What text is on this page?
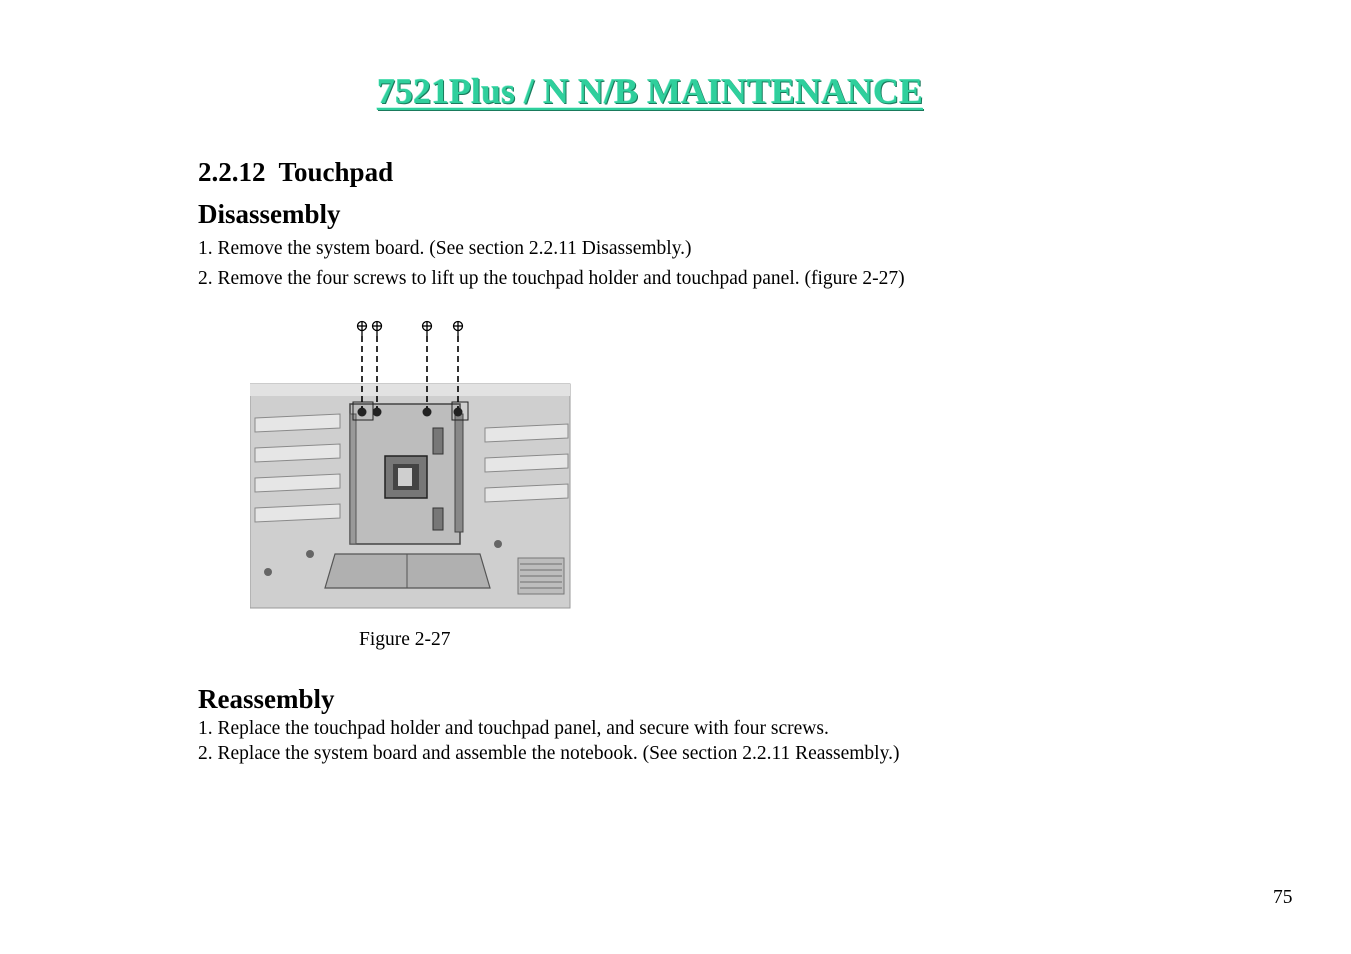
7521Plus / N N/B MAINTENANCE
2.2.12  Touchpad
Disassembly
1. Remove the system board. (See section 2.2.11 Disassembly.)
2. Remove the four screws to lift up the touchpad holder and touchpad panel. (figure 2-27)
Figure 2-27
Reassembly
1. Replace the touchpad holder and touchpad panel, and secure with four screws.
2. Replace the system board and assemble the notebook. (See section 2.2.11 Reassembly.)
75
